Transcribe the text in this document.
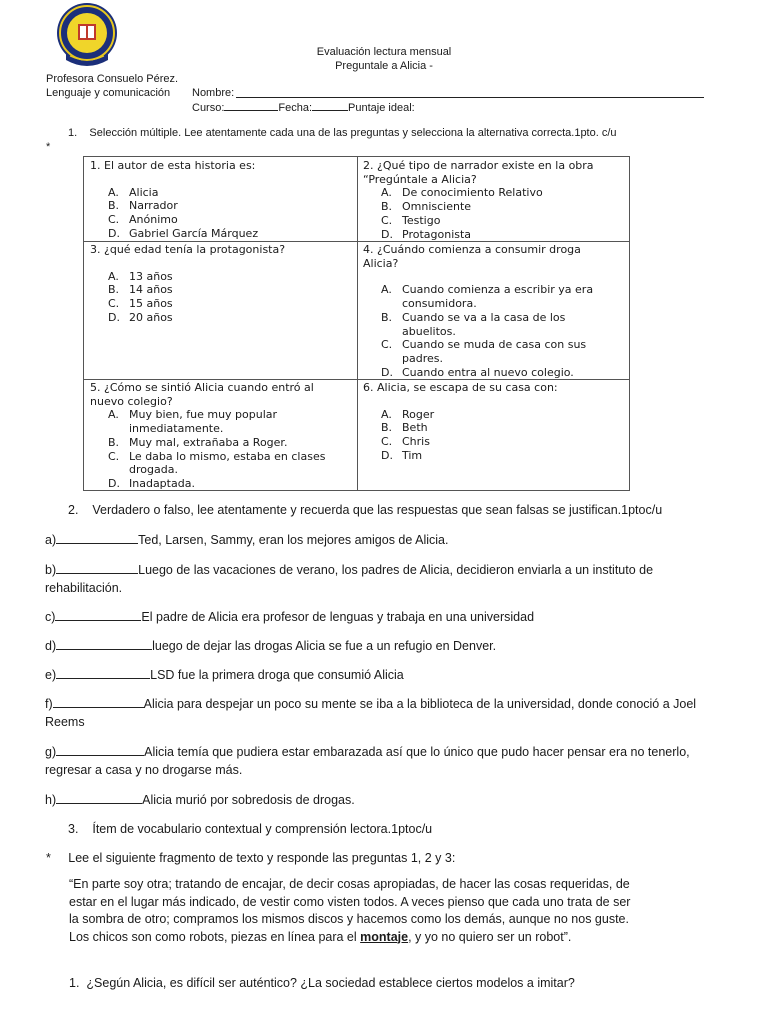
Evaluación lectura mensual
Preguntale a Alicia -
Profesora Consuelo Pérez.
Lenguaje y comunicación Nombre:
Curso:	Fecha:	Puntaje ideal:
1. Selección múltiple. Lee atentamente cada una de las preguntas y selecciona la alternativa correcta.1pto. c/u
*
1. El autor de esta historia es:
A. Alicia
B. Narrador
C. Anónimo
D. Gabriel García Márquez
2. ¿Qué tipo de narrador existe en la obra
“Pregúntale a Alicia?
A. De conocimiento Relativo
B. Omnisciente
C. Testigo
D. Protagonista
3. ¿qué edad tenía la protagonista?
A. 13 años
B. 14 años
C. 15 años
D. 20 años
4. ¿Cuándo comienza a consumir droga
Alicia?
A. Cuando comienza a escribir ya era consumidora.
B. Cuando se va a la casa de los abuelitos.
C. Cuando se muda de casa con sus padres.
D. Cuando entra al nuevo colegio.
5. ¿Cómo se sintió Alicia cuando entró al
nuevo colegio?
A. Muy bien, fue muy popular inmediatamente.
B. Muy mal, extrañaba a Roger.
C. Le daba lo mismo, estaba en clases drogada.
D. Inadaptada.
6. Alicia, se escapa de su casa con:
A. Roger
B. Beth
C. Chris
D. Tim
2. Verdadero o falso, lee atentamente y recuerda que las respuestas que sean falsas se justifican.1ptoc/u
a)	Ted, Larsen, Sammy, eran los mejores amigos de Alicia.
b)	Luego de las vacaciones de verano, los padres de Alicia, decidieron enviarla a un instituto de rehabilitación.
c)	El padre de Alicia era profesor de lenguas y trabaja en una universidad
d)	luego de dejar las drogas Alicia se fue a un refugio en Denver.
e)	LSD fue la primera droga que consumió Alicia
f)	Alicia para despejar un poco su mente se iba a la biblioteca de la universidad, donde conoció a Joel Reems
g)	Alicia temía que pudiera estar embarazada así que lo único que pudo hacer pensar era no tenerlo, regresar a casa y no drogarse más.
h)	Alicia murió por sobredosis de drogas.
3. Ítem de vocabulario contextual y comprensión lectora.1ptoc/u
* Lee el siguiente fragmento de texto y responde las preguntas 1, 2 y 3:
“En parte soy otra; tratando de encajar, de decir cosas apropiadas, de hacer las cosas requeridas, de estar en el lugar más indicado, de vestir como visten todos. A veces pienso que cada uno trata de ser la sombra de otro; compramos los mismos discos y hacemos como los demás, aunque no nos guste. Los chicos son como robots, piezas en línea para el montaje, y yo no quiero ser un robot”.
1. ¿Según Alicia, es difícil ser auténtico? ¿La sociedad establece ciertos modelos a imitar?
